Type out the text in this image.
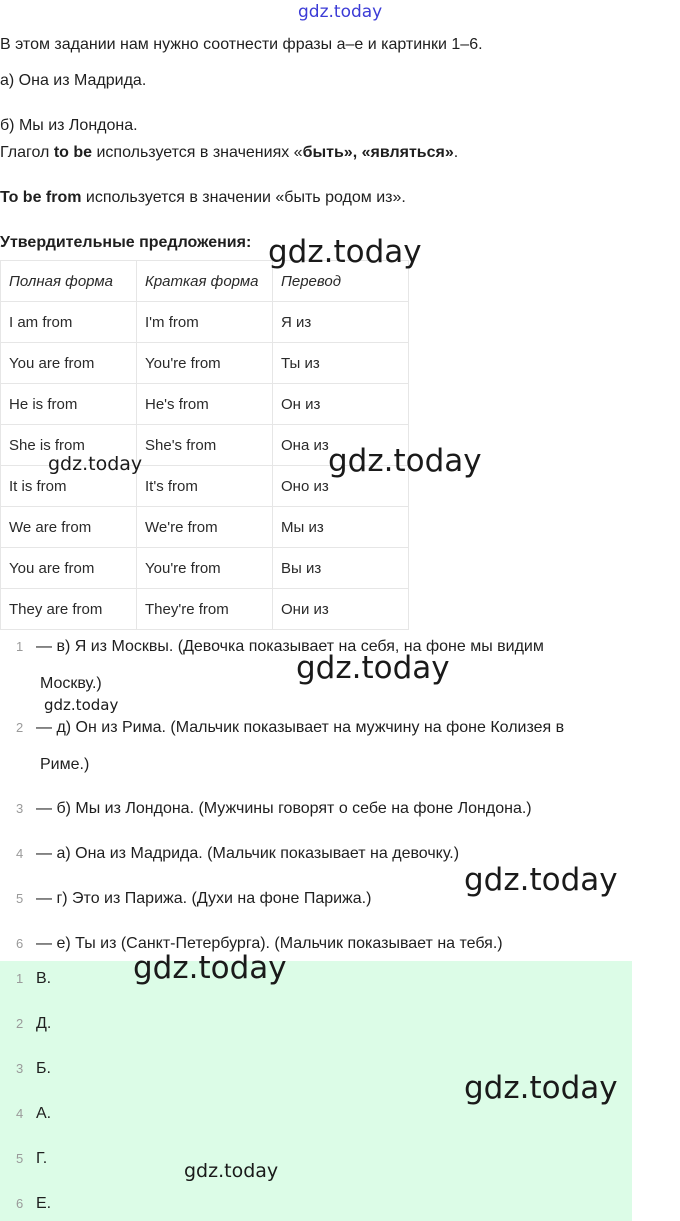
В этом задании нам нужно соотнести фразы a–e и картинки 1–6.
а) Она из Мадрида.
б) Мы из Лондона.
Глагол to be используется в значениях «быть», «являться».
To be from используется в значении «быть родом из».
Утвердительные предложения:
Полная форма	Краткая форма	Перевод
I am from	I'm from	Я из
You are from	You're from	Ты из
He is from	He's from	Он из
She is from	She's from	Она из
It is from	It's from	Оно из
We are from	We're from	Мы из
You are from	You're from	Вы из
They are from	They're from	Они из
1 — в) Я из Москвы. (Девочка показывает на себя, на фоне мы видим
Москву.)
2 — д) Он из Рима. (Мальчик показывает на мужчину на фоне Колизея в
Риме.)
3 — б) Мы из Лондона. (Мужчины говорят о себе на фоне Лондона.)
4 — а) Она из Мадрида. (Мальчик показывает на девочку.)
5 — г) Это из Парижа. (Духи на фоне Парижа.)
6 — е) Ты из (Санкт-Петербурга). (Мальчик показывает на тебя.)
1 В.
2 Д.
3 Б.
4 А.
5 Г.
6 Е.
gdz.today
gdz.today
gdz.today
gdz.today
gdz.today
gdz.today
gdz.today
gdz.today
gdz.today
gdz.today
